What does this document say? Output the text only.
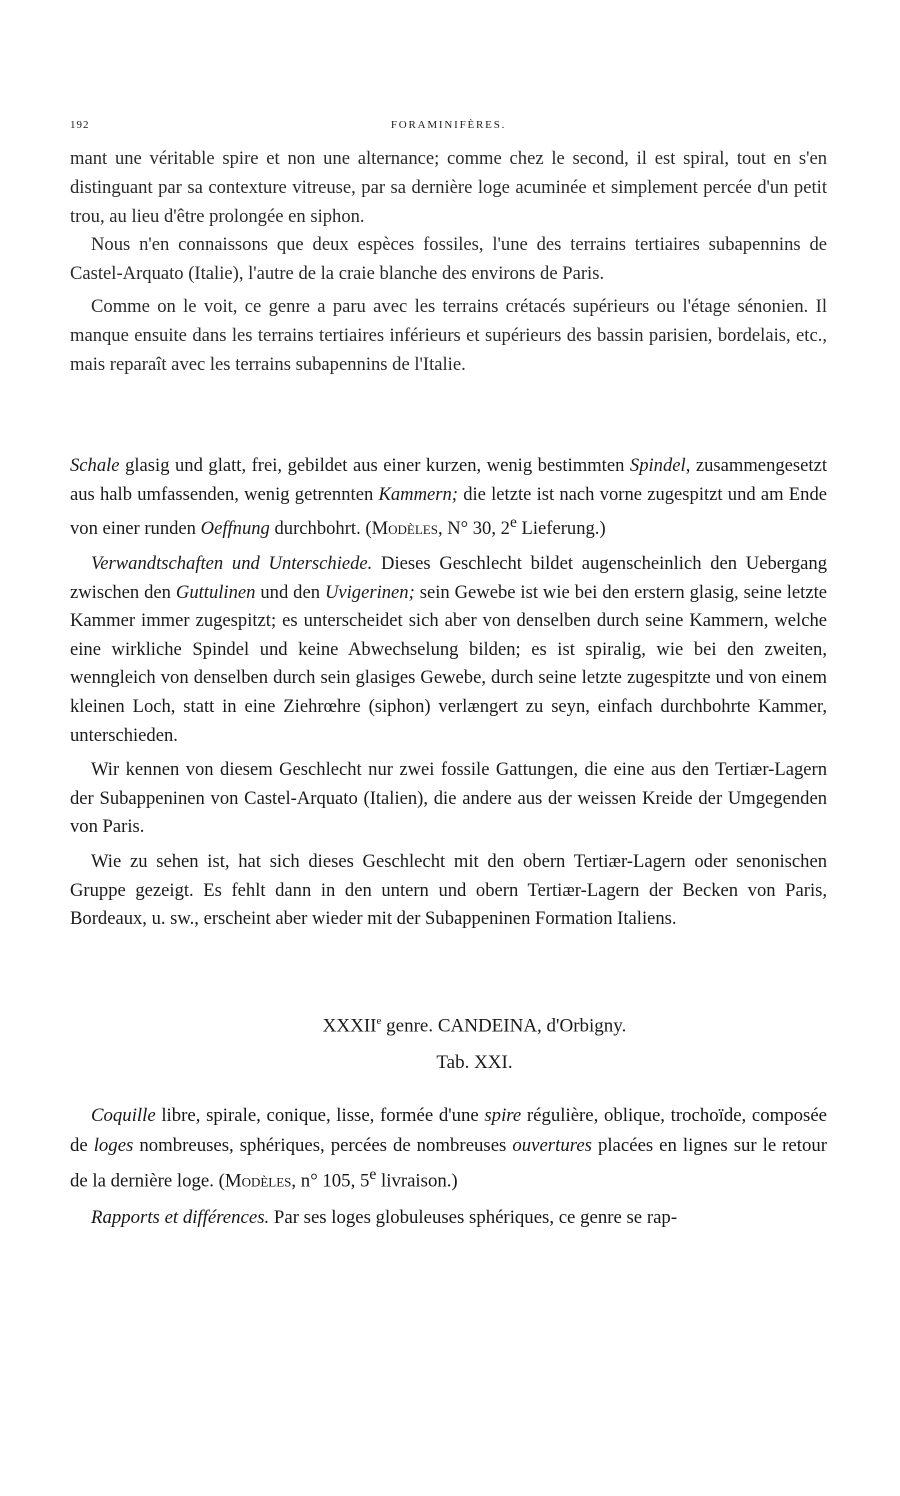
192	FORAMINIFÈRES.

mant une véritable spire et non une alternance; comme chez le second, il est spiral, tout en s'en distinguant par sa contexture vitreuse, par sa dernière loge acuminée et simplement percée d'un petit trou, au lieu d'être prolongée en siphon.

Nous n'en connaissons que deux espèces fossiles, l'une des terrains tertiaires subapennins de Castel-Arquato (Italie), l'autre de la craie blanche des environs de Paris.

Comme on le voit, ce genre a paru avec les terrains crétacés supérieurs ou l'étage sénonien. Il manque ensuite dans les terrains tertiaires inférieurs et supérieurs des bassin parisien, bordelais, etc., mais reparaît avec les terrains subapennins de l'Italie.

Schale glasig und glatt, frei, gebildet aus einer kurzen, wenig bestimmten Spindel, zusammengesetzt aus halb umfassenden, wenig getrennten Kammern; die letzte ist nach vorne zugespitzt und am Ende von einer runden Oeffnung durchbohrt. (Modèles, N° 30, 2e Lieferung.)

Verwandtschaften und Unterschiede. Dieses Geschlecht bildet augenscheinlich den Uebergang zwischen den Guttulinen und den Uvigerinen; sein Gewebe ist wie bei den erstern glasig, seine letzte Kammer immer zugespitzt; es unterscheidet sich aber von denselben durch seine Kammern, welche eine wirkliche Spindel und keine Abwechselung bilden; es ist spiralig, wie bei den zweiten, wenngleich von denselben durch sein glasiges Gewebe, durch seine letzte zugespitzte und von einem kleinen Loch, statt in eine Ziehrœhre (siphon) verlængert zu seyn, einfach durchbohrte Kammer, unterschieden.

Wir kennen von diesem Geschlecht nur zwei fossile Gattungen, die eine aus den Tertiær-Lagern der Subappeninen von Castel-Arquato (Italien), die andere aus der weissen Kreide der Umgegenden von Paris.

Wie zu sehen ist, hat sich dieses Geschlecht mit den obern Tertiær-Lagern oder senonischen Gruppe gezeigt. Es fehlt dann in den untern und obern Tertiær-Lagern der Becken von Paris, Bordeaux, u. sw., erscheint aber wieder mit der Subappeninen Formation Italiens.

XXXIIe genre. CANDEINA, d'Orbigny.
Tab. XXI.

Coquille libre, spirale, conique, lisse, formée d'une spire régulière, oblique, trochoïde, composée de loges nombreuses, sphériques, percées de nombreuses ouvertures placées en lignes sur le retour de la dernière loge. (Modèles, n° 105, 5e livraison.)

Rapports et différences. Par ses loges globuleuses sphériques, ce genre se rap-
